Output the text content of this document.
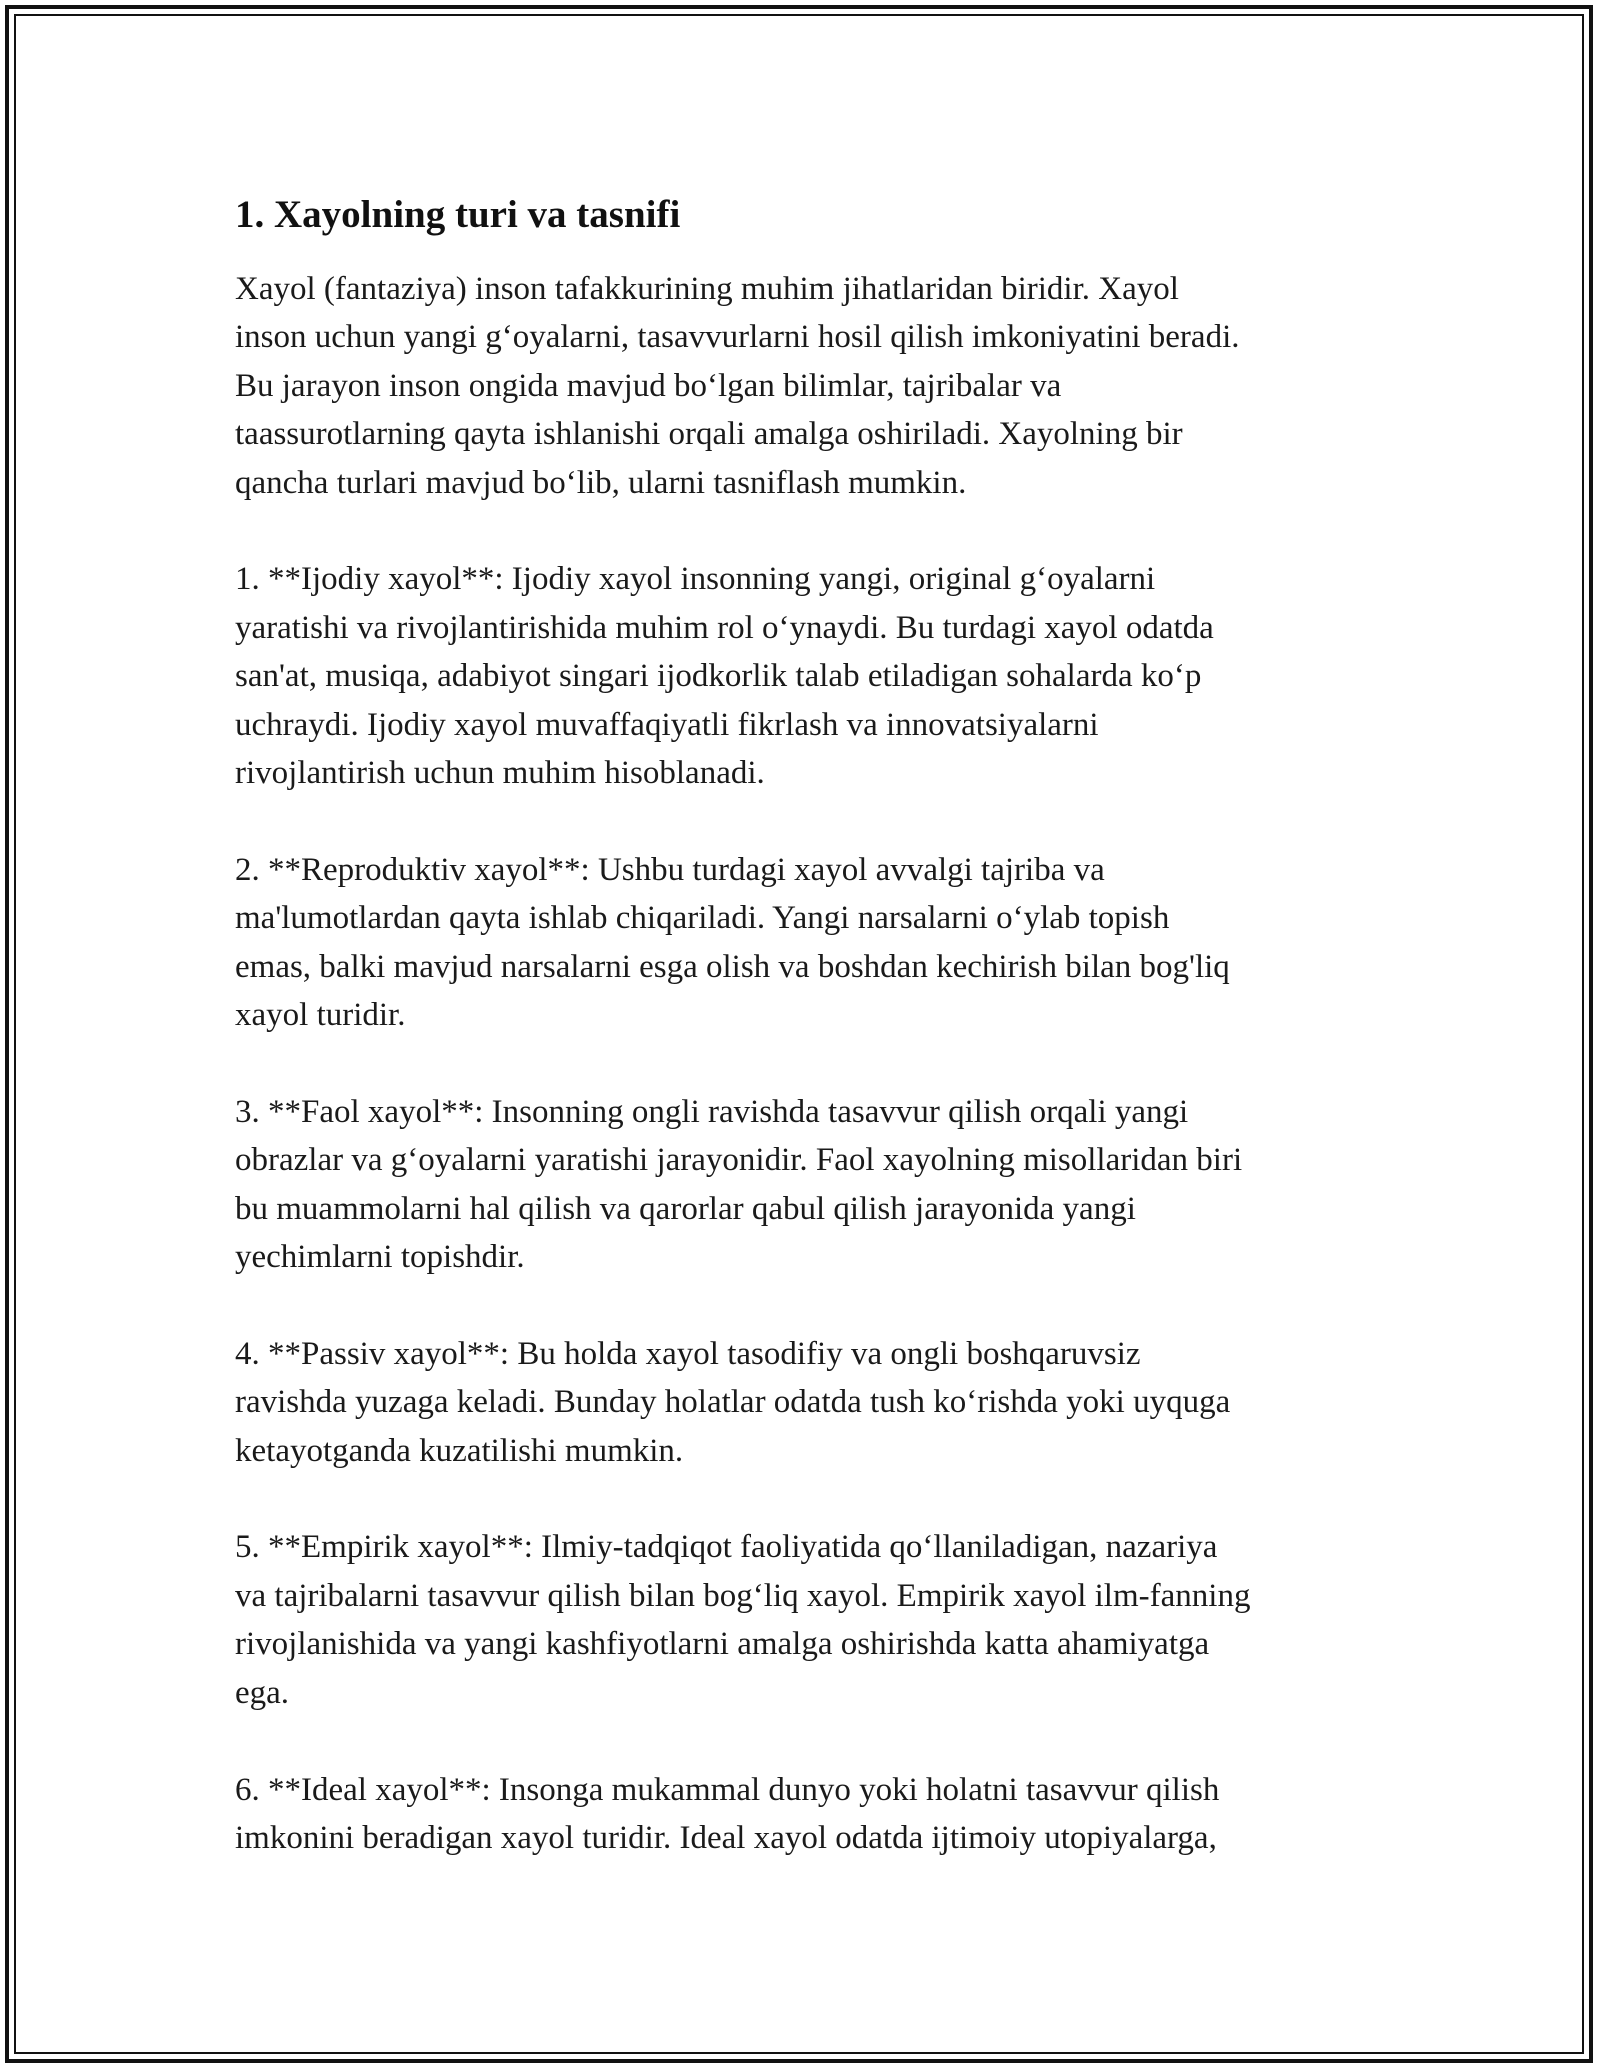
1. Xayolning turi va tasnifi

Xayol (fantaziya) inson tafakkurining muhim jihatlaridan biridir. Xayol
inson uchun yangi g‘oyalarni, tasavvurlarni hosil qilish imkoniyatini beradi.
Bu jarayon inson ongida mavjud bo‘lgan bilimlar, tajribalar va
taassurotlarning qayta ishlanishi orqali amalga oshiriladi. Xayolning bir
qancha turlari mavjud bo‘lib, ularni tasniflash mumkin.

1. **Ijodiy xayol**: Ijodiy xayol insonning yangi, original g‘oyalarni
yaratishi va rivojlantirishida muhim rol o‘ynaydi. Bu turdagi xayol odatda
san'at, musiqa, adabiyot singari ijodkorlik talab etiladigan sohalarda ko‘p
uchraydi. Ijodiy xayol muvaffaqiyatli fikrlash va innovatsiyalarni
rivojlantirish uchun muhim hisoblanadi.

2. **Reproduktiv xayol**: Ushbu turdagi xayol avvalgi tajriba va
ma'lumotlardan qayta ishlab chiqariladi. Yangi narsalarni o‘ylab topish
emas, balki mavjud narsalarni esga olish va boshdan kechirish bilan bog'liq
xayol turidir.

3. **Faol xayol**: Insonning ongli ravishda tasavvur qilish orqali yangi
obrazlar va g‘oyalarni yaratishi jarayonidir. Faol xayolning misollaridan biri
bu muammolarni hal qilish va qarorlar qabul qilish jarayonida yangi
yechimlarni topishdir.

4. **Passiv xayol**: Bu holda xayol tasodifiy va ongli boshqaruvsiz
ravishda yuzaga keladi. Bunday holatlar odatda tush ko‘rishda yoki uyquga
ketayotganda kuzatilishi mumkin.

5. **Empirik xayol**: Ilmiy-tadqiqot faoliyatida qo‘llaniladigan, nazariya
va tajribalarni tasavvur qilish bilan bog‘liq xayol. Empirik xayol ilm-fanning
rivojlanishida va yangi kashfiyotlarni amalga oshirishda katta ahamiyatga
ega.

6. **Ideal xayol**: Insonga mukammal dunyo yoki holatni tasavvur qilish
imkonini beradigan xayol turidir. Ideal xayol odatda ijtimoiy utopiyalarga,
